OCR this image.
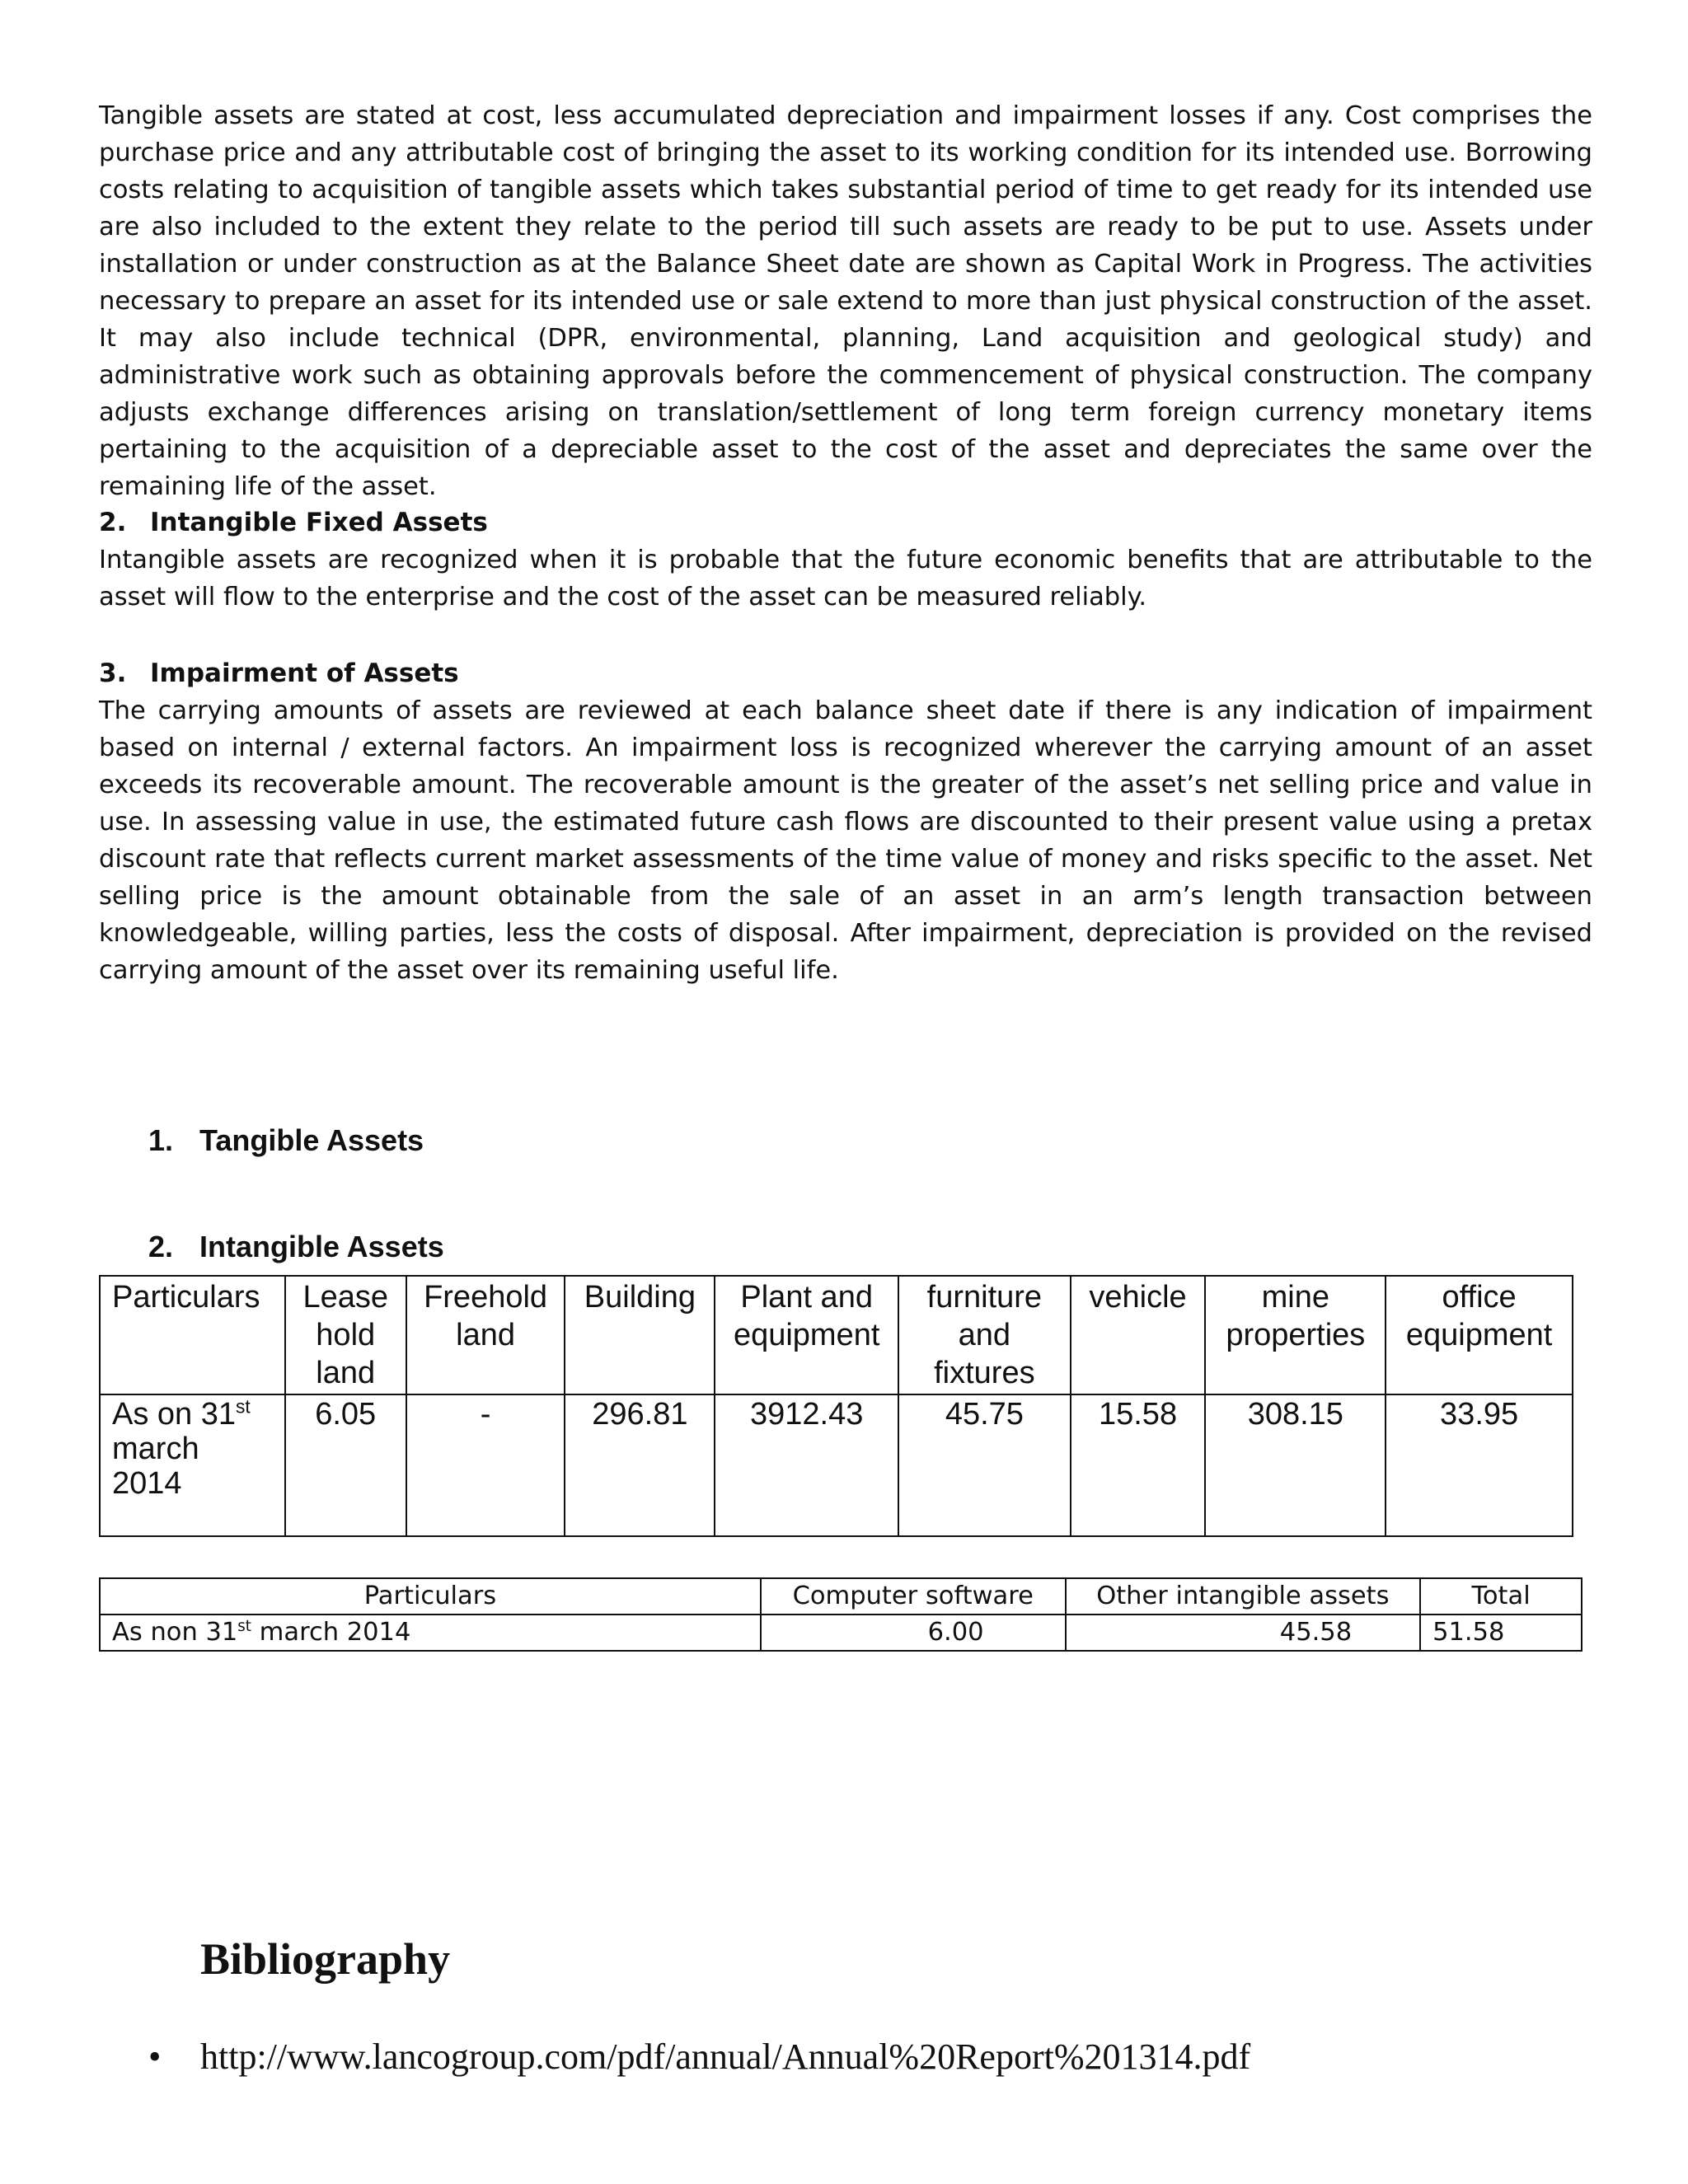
Tangible assets are stated at cost, less accumulated depreciation and impairment losses if any. Cost comprises the purchase price and any attributable cost of bringing the asset to its working condition for its intended use. Borrowing costs relating to acquisition of tangible assets which takes substantial period of time to get ready for its intended use are also included to the extent they relate to the period till such assets are ready to be put to use. Assets under installation or under construction as at the Balance Sheet date are shown as Capital Work in Progress. The activities necessary to prepare an asset for its intended use or sale extend to more than just physical construction of the asset. It may also include technical (DPR, environmental, planning, Land acquisition and geological study) and administrative work such as obtaining approvals before the commencement of physical construction. The company adjusts exchange differences arising on translation/settlement of long term foreign currency monetary items pertaining to the acquisition of a depreciable asset to the cost of the asset and depreciates the same over the remaining life of the asset.

2. Intangible Fixed Assets

Intangible assets are recognized when it is probable that the future economic benefits that are attributable to the asset will flow to the enterprise and the cost of the asset can be measured reliably.

3. Impairment of Assets

The carrying amounts of assets are reviewed at each balance sheet date if there is any indication of impairment based on internal / external factors. An impairment loss is recognized wherever the carrying amount of an asset exceeds its recoverable amount. The recoverable amount is the greater of the asset’s net selling price and value in use. In assessing value in use, the estimated future cash flows are discounted to their present value using a pretax discount rate that reflects current market assessments of the time value of money and risks specific to the asset. Net selling price is the amount obtainable from the sale of an asset in an arm’s length transaction between knowledgeable, willing parties, less the costs of disposal. After impairment, depreciation is provided on the revised carrying amount of the asset over its remaining useful life.

1. Tangible Assets
2. Intangible Assets
Particulars	Lease hold land	Freehold land	Building	Plant and equipment	furniture and fixtures	vehicle	mine properties	office equipment
As on 31st march 2014	6.05	-	296.81	3912.43	45.75	15.58	308.15	33.95
Particulars	Computer software	Other intangible assets	Total
As non 31st march 2014	6.00	45.58	51.58
Bibliography
• http://www.lancogroup.com/pdf/annual/Annual%20Report%201314.pdf
